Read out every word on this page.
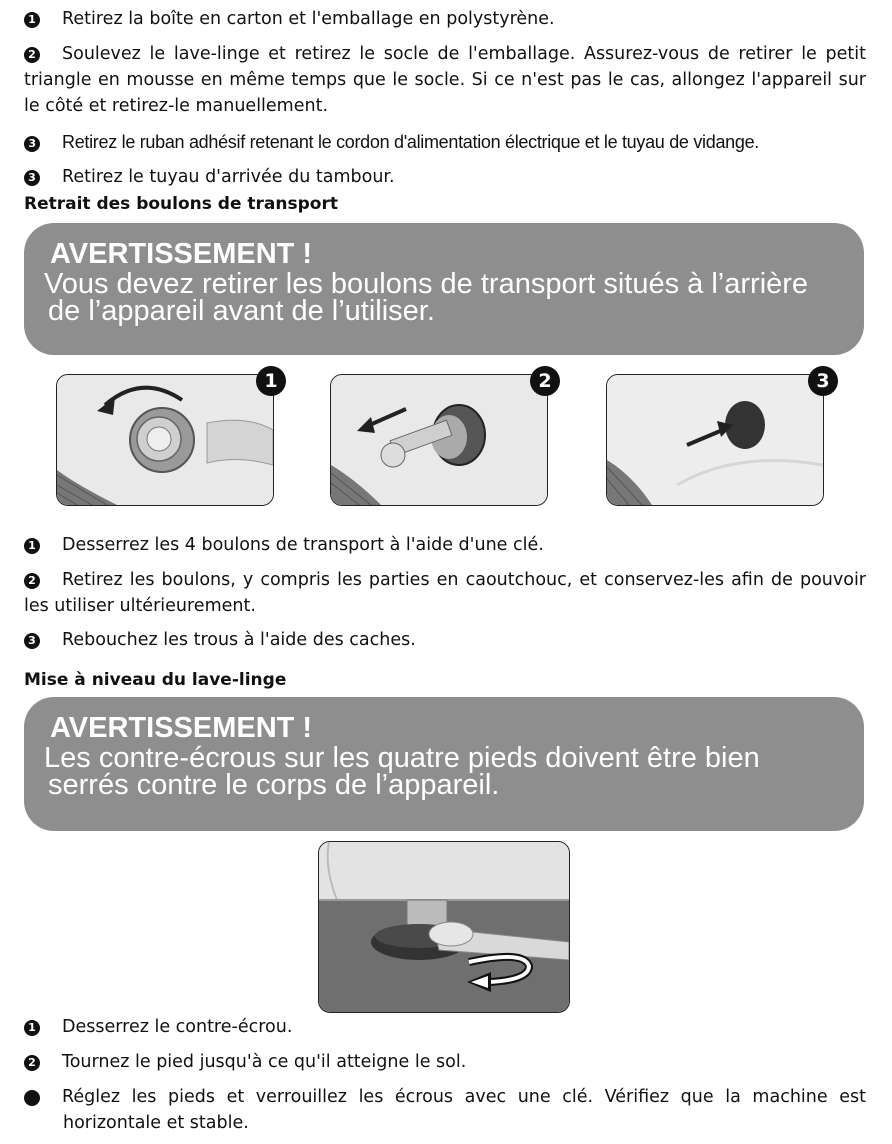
1 Retirez la boîte en carton et l'emballage en polystyrène.

2 Soulevez le lave-linge et retirez le socle de l'emballage. Assurez-vous de retirer le petit triangle en mousse en même temps que le socle. Si ce n'est pas le cas, allongez l'appareil sur le côté et retirez-le manuellement.

3 Retirez le ruban adhésif retenant le cordon d'alimentation électrique et le tuyau de vidange.

3 Retirez le tuyau d'arrivée du tambour.

Retrait des boulons de transport

AVERTISSEMENT !

Vous devez retirer les boulons de transport situés à l’arrière

de l’appareil avant de l’utiliser.

1	2	3

1 Desserrez les 4 boulons de transport à l'aide d'une clé.

2 Retirez les boulons, y compris les parties en caoutchouc, et conservez-les afin de pouvoir les utiliser ultérieurement.

3 Rebouchez les trous à l'aide des caches.

Mise à niveau du lave-linge

AVERTISSEMENT !

Les contre-écrous sur les quatre pieds doivent être bien

serrés contre le corps de l’appareil.

1 Desserrez le contre-écrou.

2 Tournez le pied jusqu'à ce qu'il atteigne le sol.

3	Réglez les pieds et verrouillez les écrous avec une clé. Vérifiez que la machine est horizontale et stable.
